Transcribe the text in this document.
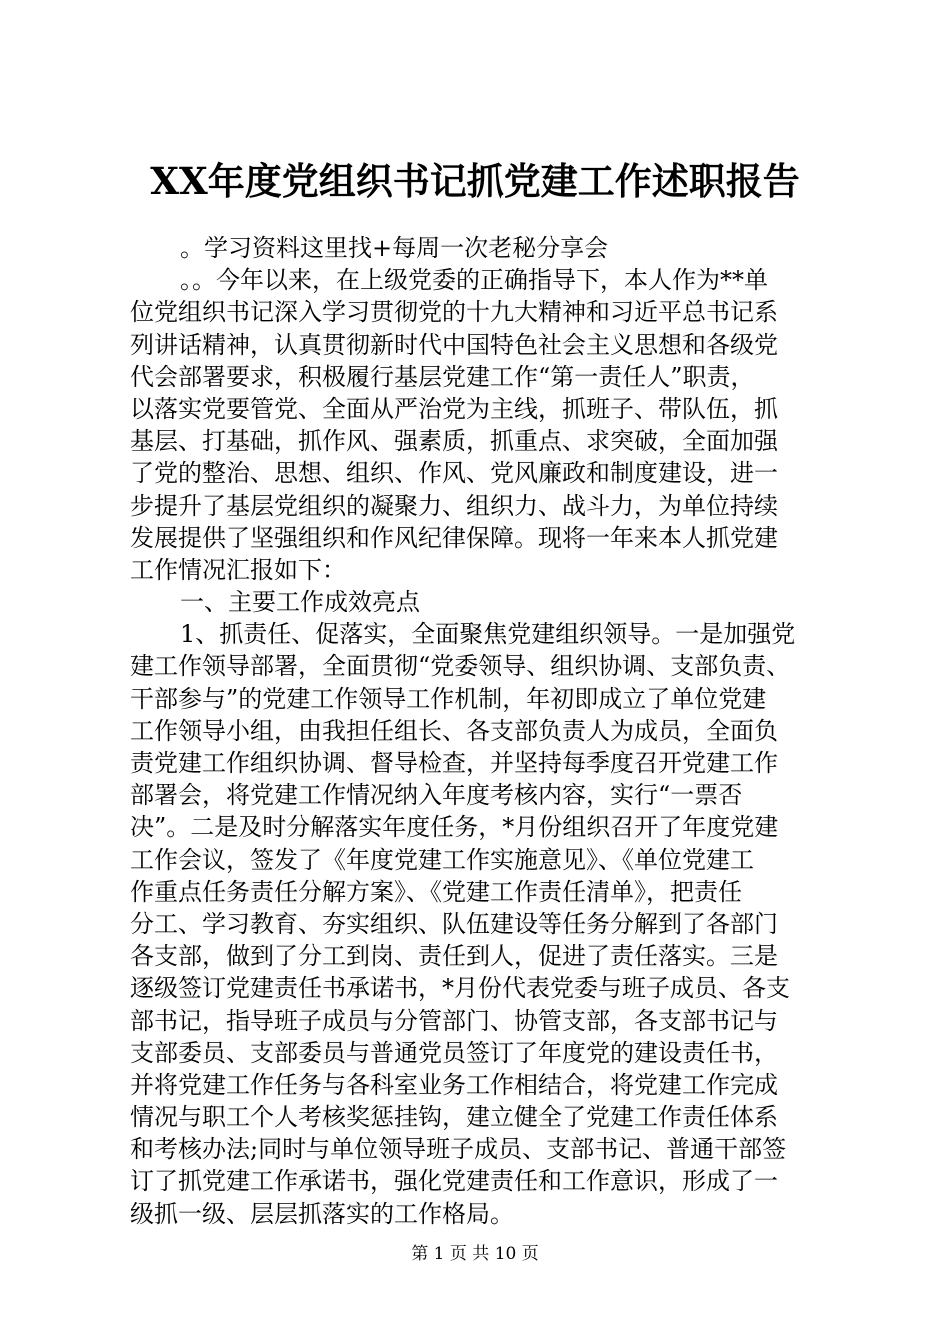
XX年度党组织书记抓党建工作述职报告
。学习资料这里找+每周一次老秘分享会
。。今年以来，在上级党委的正确指导下，本人作为**单
位党组织书记深入学习贯彻党的十九大精神和习近平总书记系
列讲话精神，认真贯彻新时代中国特色社会主义思想和各级党
代会部署要求，积极履行基层党建工作“第一责任人”职责，
以落实党要管党、全面从严治党为主线，抓班子、带队伍，抓
基层、打基础，抓作风、强素质，抓重点、求突破，全面加强
了党的整治、思想、组织、作风、党风廉政和制度建设，进一
步提升了基层党组织的凝聚力、组织力、战斗力，为单位持续
发展提供了坚强组织和作风纪律保障。现将一年来本人抓党建
工作情况汇报如下：
一、主要工作成效亮点
1、抓责任、促落实，全面聚焦党建组织领导。一是加强党
建工作领导部署，全面贯彻“党委领导、组织协调、支部负责、
干部参与”的党建工作领导工作机制，年初即成立了单位党建
工作领导小组，由我担任组长、各支部负责人为成员，全面负
责党建工作组织协调、督导检查，并坚持每季度召开党建工作
部署会，将党建工作情况纳入年度考核内容，实行“一票否
决”。二是及时分解落实年度任务，*月份组织召开了年度党建
工作会议，签发了《年度党建工作实施意见》、《单位党建工
作重点任务责任分解方案》、《党建工作责任清单》，把责任
分工、学习教育、夯实组织、队伍建设等任务分解到了各部门
各支部，做到了分工到岗、责任到人，促进了责任落实。三是
逐级签订党建责任书承诺书，*月份代表党委与班子成员、各支
部书记，指导班子成员与分管部门、协管支部，各支部书记与
支部委员、支部委员与普通党员签订了年度党的建设责任书，
并将党建工作任务与各科室业务工作相结合，将党建工作完成
情况与职工个人考核奖惩挂钩，建立健全了党建工作责任体系
和考核办法;同时与单位领导班子成员、支部书记、普通干部签
订了抓党建工作承诺书，强化党建责任和工作意识，形成了一
级抓一级、层层抓落实的工作格局。
第 1 页 共 10 页
